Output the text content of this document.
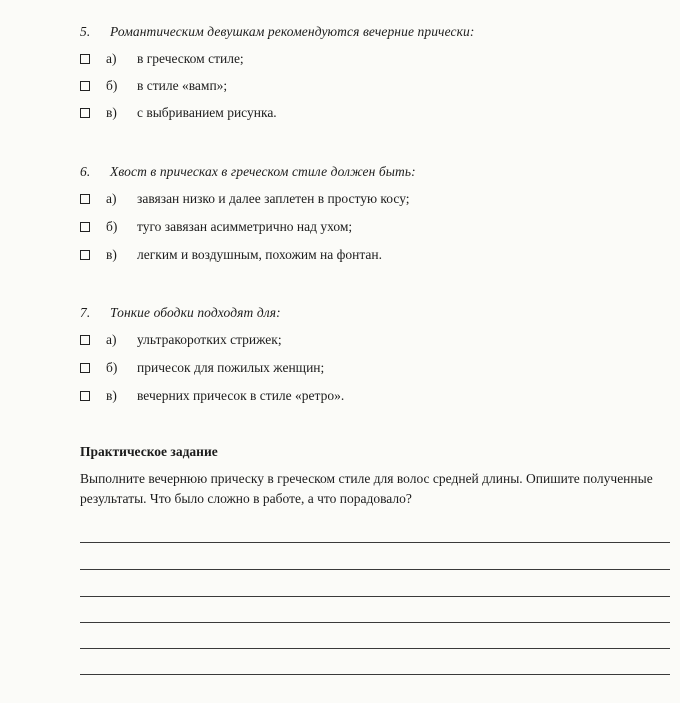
5. Романтическим девушкам рекомендуются вечерние прически:
а)	в греческом стиле;
б)	в стиле «вамп»;
в)	с выбриванием рисунка.
6. Хвост в прическах в греческом стиле должен быть:
а)	завязан низко и далее заплетен в простую косу;
б)	туго завязан асимметрично над ухом;
в)	легким и воздушным, похожим на фонтан.
7. Тонкие ободки подходят для:
а)	ультракоротких стрижек;
б)	причесок для пожилых женщин;
в)	вечерних причесок в стиле «ретро».
Практическое задание
Выполните вечернюю прическу в греческом стиле для волос средней длины. Опишите полученные результаты. Что было сложно в работе, а что порадовало?
